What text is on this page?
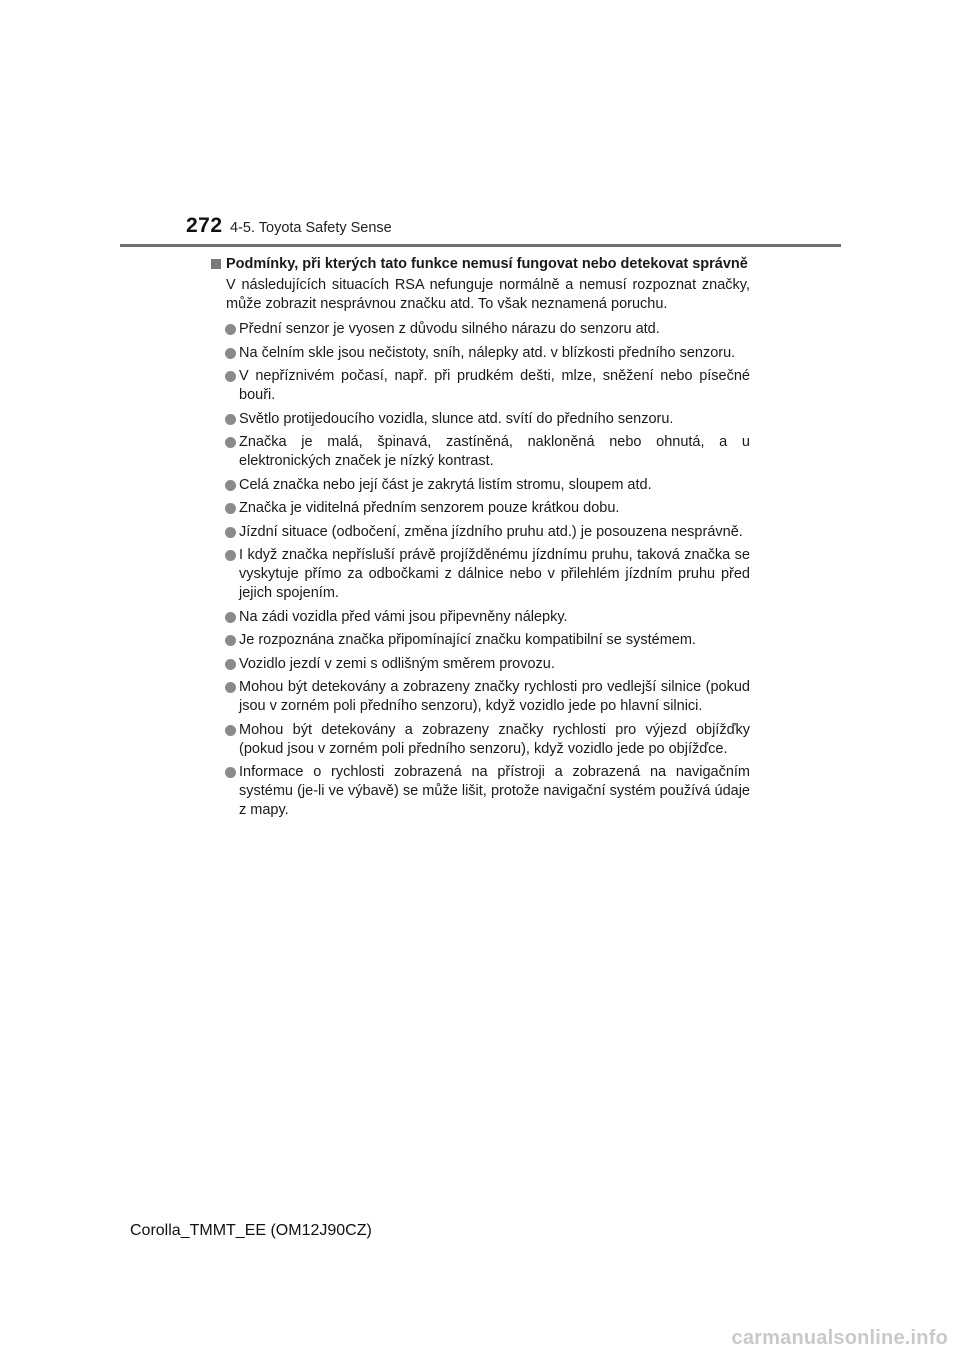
272 4-5. Toyota Safety Sense
Podmínky, při kterých tato funkce nemusí fungovat nebo detekovat správně

V následujících situacích RSA nefunguje normálně a nemusí rozpoznat značky, může zobrazit nesprávnou značku atd. To však neznamená poruchu.

Přední senzor je vyosen z důvodu silného nárazu do senzoru atd.
Na čelním skle jsou nečistoty, sníh, nálepky atd. v blízkosti předního senzoru.
V nepříznivém počasí, např. při prudkém dešti, mlze, sněžení nebo písečné bouři.
Světlo protijedoucího vozidla, slunce atd. svítí do předního senzoru.
Značka je malá, špinavá, zastíněná, nakloněná nebo ohnutá, a u elektronických značek je nízký kontrast.
Celá značka nebo její část je zakrytá listím stromu, sloupem atd.
Značka je viditelná předním senzorem pouze krátkou dobu.
Jízdní situace (odbočení, změna jízdního pruhu atd.) je posouzena nesprávně.
I když značka nepřísluší právě projížděnému jízdnímu pruhu, taková značka se vyskytuje přímo za odbočkami z dálnice nebo v přilehlém jízdním pruhu před jejich spojením.
Na zádi vozidla před vámi jsou připevněny nálepky.
Je rozpoznána značka připomínající značku kompatibilní se systémem.
Vozidlo jezdí v zemi s odlišným směrem provozu.
Mohou být detekovány a zobrazeny značky rychlosti pro vedlejší silnice (pokud jsou v zorném poli předního senzoru), když vozidlo jede po hlavní silnici.
Mohou být detekovány a zobrazeny značky rychlosti pro výjezd objížďky (pokud jsou v zorném poli předního senzoru), když vozidlo jede po objížďce.
Informace o rychlosti zobrazená na přístroji a zobrazená na navigačním systému (je-li ve výbavě) se může lišit, protože navigační systém používá údaje z mapy.
Corolla_TMMT_EE (OM12J90CZ)
carmanualsonline.info
